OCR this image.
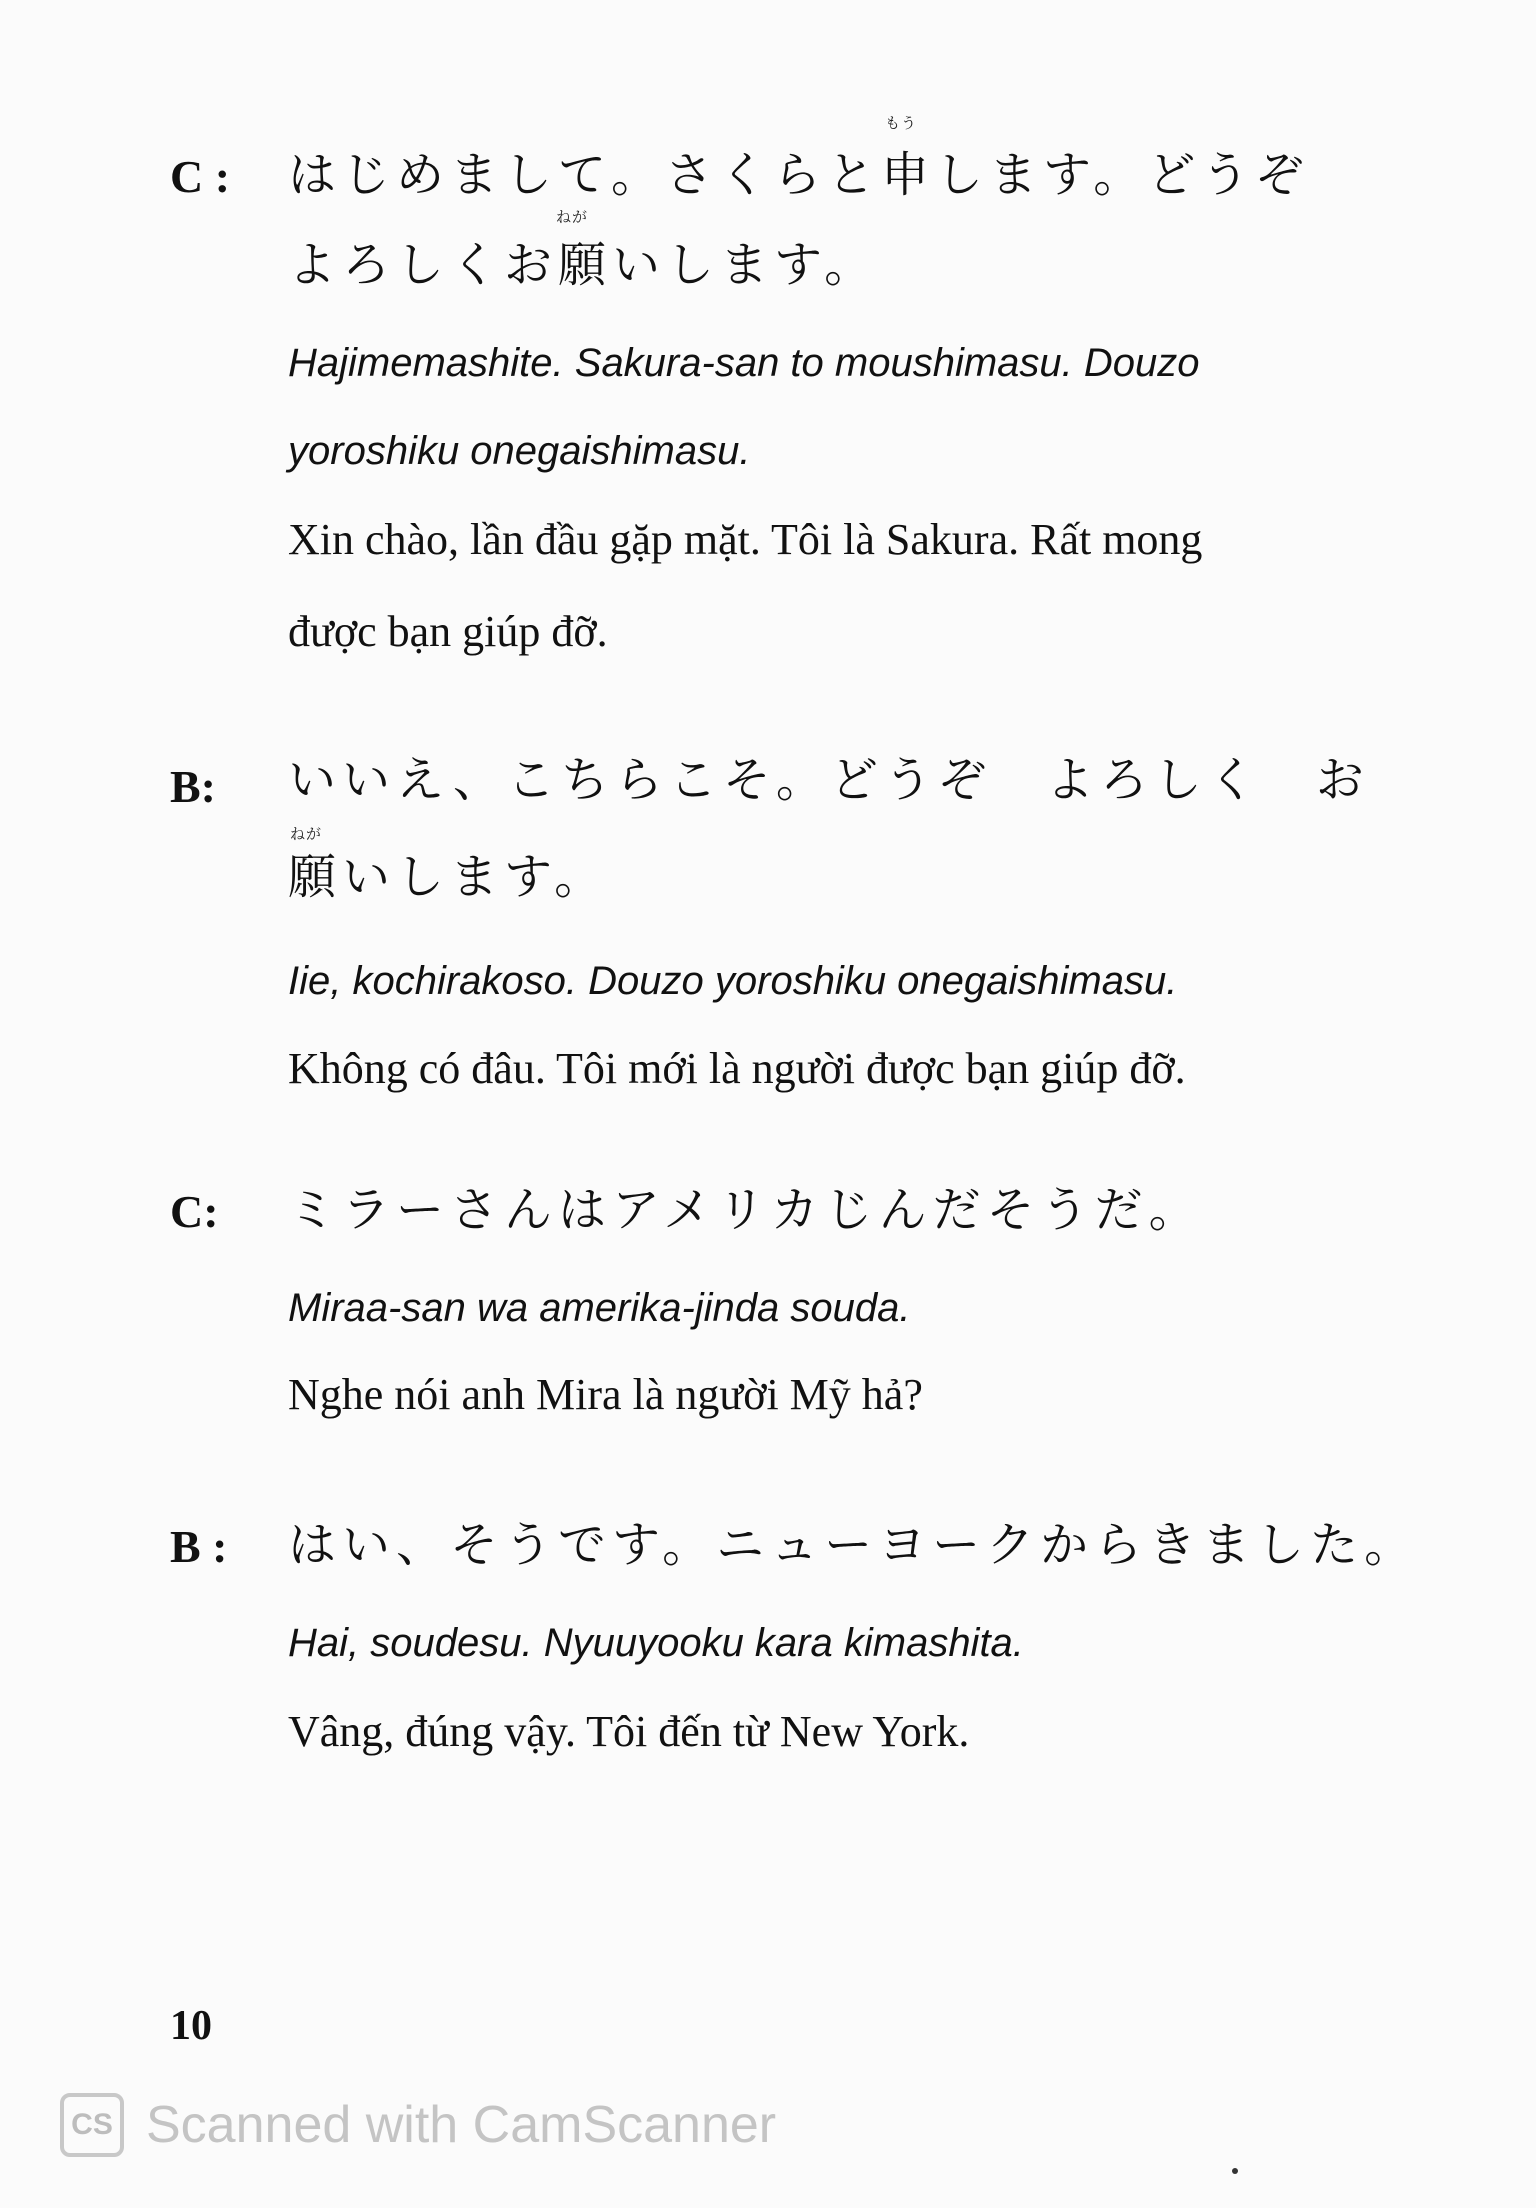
C :
もう
はじめまして。さくらと申します。どうぞ
ねが
よろしくお願いします。
Hajimemashite. Sakura-san to moushimasu. Douzo
yoroshiku onegaishimasu.
Xin chào, lần đầu gặp mặt. Tôi là Sakura. Rất mong
được bạn giúp đỡ.
B: いいえ、こちらこそ。どうぞ　よろしく　お
ねが
願いします。
Iie, kochirakoso. Douzo yoroshiku onegaishimasu.
Không có đâu. Tôi mới là người được bạn giúp đỡ.
C: ミラーさんはアメリカじんだそうだ。
Miraa-san wa amerika-jinda souda.
Nghe nói anh Mira là người Mỹ hả?
B : はい、そうです。ニューヨークからきました。
Hai, soudesu. Nyuuyooku kara kimashita.
Vâng, đúng vậy. Tôi đến từ New York.
10
CS Scanned with CamScanner
